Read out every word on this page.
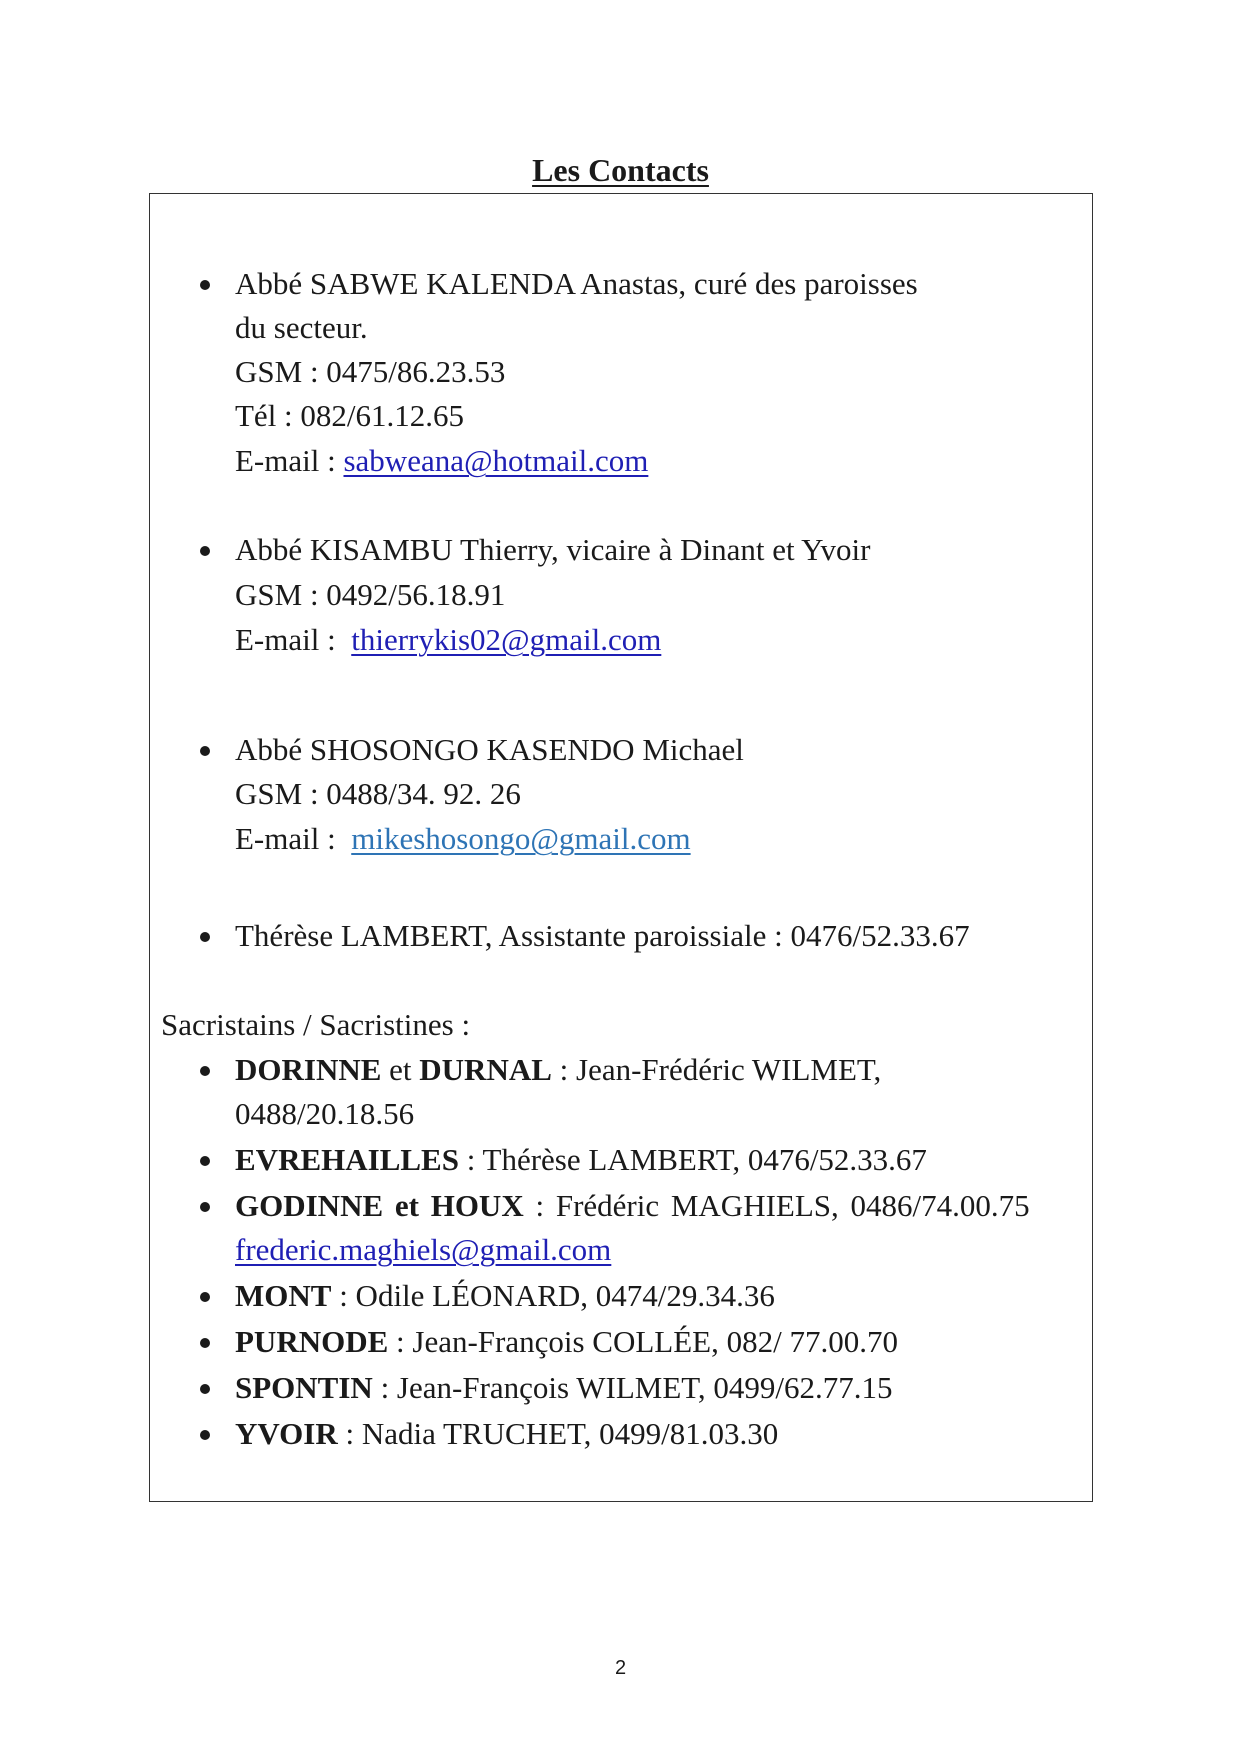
Les Contacts
Abbé SABWE KALENDA Anastas, curé des paroisses
du secteur.
GSM : 0475/86.23.53
Tél : 082/61.12.65
E-mail : sabweana@hotmail.com
Abbé KISAMBU Thierry, vicaire à Dinant et Yvoir
GSM : 0492/56.18.91
E-mail :  thierrykis02@gmail.com
Abbé SHOSONGO KASENDO Michael
GSM : 0488/34. 92. 26
E-mail :  mikeshosongo@gmail.com
Thérèse LAMBERT, Assistante paroissiale : 0476/52.33.67
Sacristains / Sacristines :
DORINNE et DURNAL : Jean-Frédéric WILMET,
0488/20.18.56
EVREHAILLES : Thérèse LAMBERT, 0476/52.33.67
GODINNE et HOUX : Frédéric MAGHIELS, 0486/74.00.75
frederic.maghiels@gmail.com
MONT : Odile LÉONARD, 0474/29.34.36
PURNODE : Jean-François COLLÉE, 082/ 77.00.70
SPONTIN : Jean-François WILMET, 0499/62.77.15
YVOIR : Nadia TRUCHET, 0499/81.03.30
2
